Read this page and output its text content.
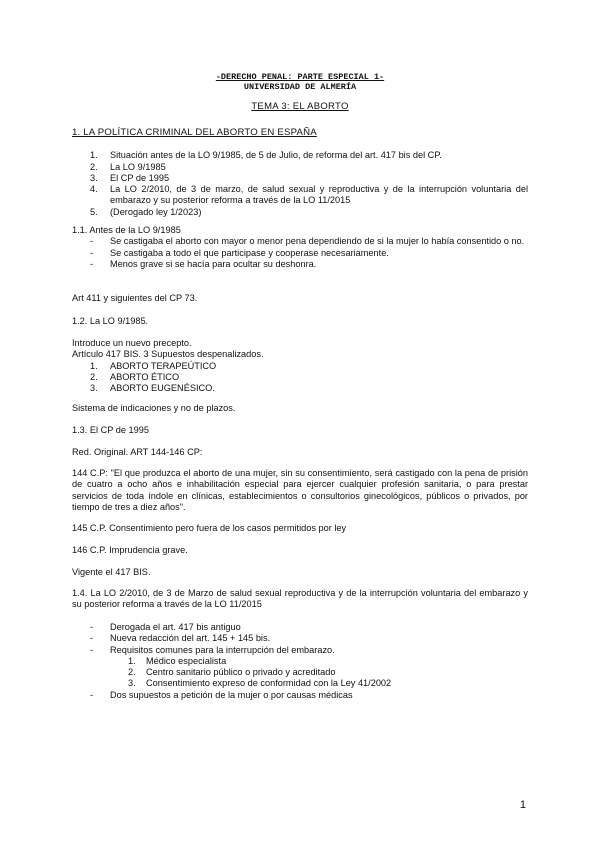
-DERECHO PENAL: PARTE ESPECIAL 1-
UNIVERSIDAD DE ALMERÍA
TEMA 3: EL ABORTO
1. LA POLÍTICA CRIMINAL DEL ABORTO EN ESPAÑA
1. Situación antes de la LO 9/1985, de 5 de Julio, de reforma del art. 417 bis del CP.
2. La LO 9/1985
3. El CP de 1995
4. La LO 2/2010, de 3 de marzo, de salud sexual y reproductiva y de la interrupción voluntaria del embarazo y su posterior reforma a través de la LO 11/2015
5. (Derogado ley 1/2023)
1.1. Antes de la LO 9/1985
- Se castigaba el aborto con mayor o menor pena dependiendo de si la mujer lo había consentido o no.
- Se castigaba a todo el que participase y cooperase necesariamente.
- Menos grave si se hacía para ocultar su deshonra.
Art 411 y siguientes del CP 73.
1.2. La LO 9/1985.
Introduce un nuevo precepto.
Artículo 417 BIS. 3 Supuestos despenalizados.
1. ABORTO TERAPEÚTICO
2. ABORTO ÉTICO
3. ABORTO EUGENÉSICO.
Sistema de indicaciones y no de plazos.
1.3. El CP de 1995
Red. Original. ART 144-146 CP:
144 C.P: "El que produzca el aborto de una mujer, sin su consentimiento, será castigado con la pena de prisión de cuatro a ocho años e inhabilitación especial para ejercer cualquier profesión sanitaria, o para prestar servicios de toda índole en clínicas, establecimientos o consultorios ginecológicos, públicos o privados, por tiempo de tres a diez años".
145 C.P. Consentimiento pero fuera de los casos permitidos por ley
146 C.P. Imprudencia grave.
Vigente el 417 BIS.
1.4. La LO 2/2010, de 3 de Marzo de salud sexual reproductiva y de la interrupción voluntaria del embarazo y su posterior reforma a través de la LO 11/2015
- Derogada el art. 417 bis antiguo
- Nueva redacción del art. 145 + 145 bis.
- Requisitos comunes para la interrupción del embarazo.
1. Médico especialista
2. Centro sanitario público o privado y acreditado
3. Consentimiento expreso de conformidad con la Ley 41/2002
- Dos supuestos a petición de la mujer o por causas médicas
1
